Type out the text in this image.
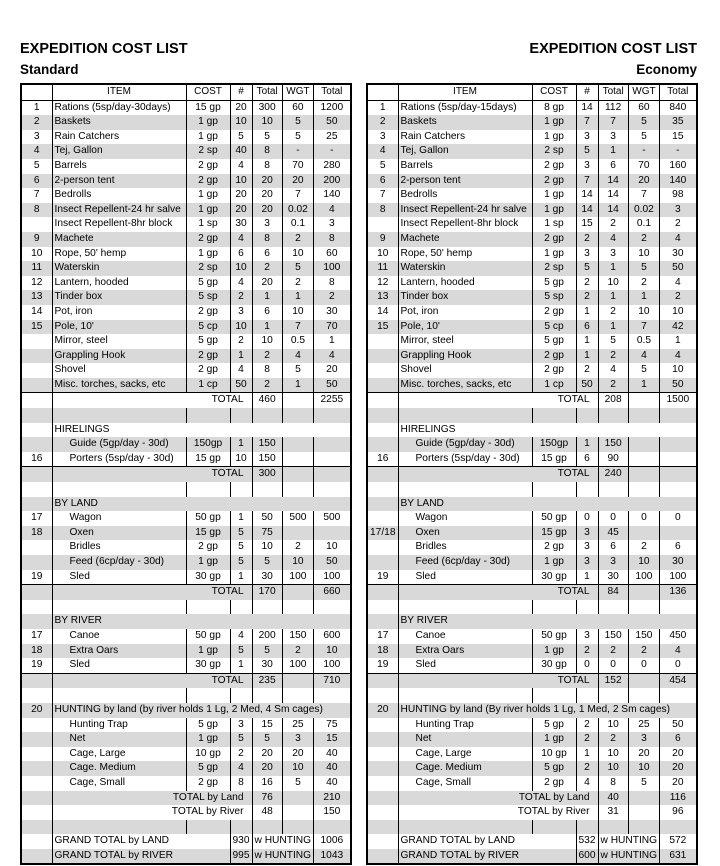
EXPEDITION COST LIST
Standard
EXPEDITION COST LIST
Economy
	ITEM	COST	#	Total	WGT	Total
1	Rations (5sp/day-30days)	15 gp	20	300	60	1200
2	Baskets	1 gp	10	10	5	50
3	Rain Catchers	1 gp	5	5	5	25
4	Tej, Gallon	2 sp	40	8	-	-
5	Barrels	2 gp	4	8	70	280
6	2-person tent	2 gp	10	20	20	200
7	Bedrolls	1 gp	20	20	7	140
8	Insect Repellent-24 hr salve	1 gp	20	20	0.02	4
	Insect Repellent-8hr block	1 sp	30	3	0.1	3
9	Machete	2 gp	4	8	2	8
10	Rope, 50' hemp	1 gp	6	6	10	60
11	Waterskin	2 sp	10	2	5	100
12	Lantern, hooded	5 gp	4	20	2	8
13	Tinder box	5 sp	2	1	1	2
14	Pot, iron	2 gp	3	6	10	30
15	Pole, 10'	5 cp	10	1	7	70
	Mirror, steel	5 gp	2	10	0.5	1
	Grappling Hook	2 gp	1	2	4	4
	Shovel	2 gp	4	8	5	20
	Misc. torches, sacks, etc	1 cp	50	2	1	50
	TOTAL			460		2255

	HIRELINGS					
	Guide (5gp/day - 30d)	150gp	1	150		
16	Porters (5sp/day - 30d)	15 gp	10	150		
	TOTAL			300		

	BY LAND					
17	Wagon	50 gp	1	50	500	500
18	Oxen	15 gp	5	75		
	Bridles	2 gp	5	10	2	10
	Feed (6cp/day - 30d)	1 gp	5	5	10	50
19	Sled	30 gp	1	30	100	100
	TOTAL			170		660

	BY RIVER					
17	Canoe	50 gp	4	200	150	600
18	Extra Oars	1 gp	5	5	2	10
19	Sled	30 gp	1	30	100	100
	TOTAL			235		710

20	HUNTING by land (by river holds 1 Lg, 2 Med, 4 Sm cages)					
	Hunting Trap	5 gp	3	15	25	75
	Net	1 gp	5	5	3	15
	Cage, Large	10 gp	2	20	20	40
	Cage. Medium	5 gp	4	20	10	40
	Cage, Small	2 gp	8	16	5	40
	TOTAL by Land			76		210
	TOTAL by River			48		150

	GRAND TOTAL by LAND		930	w HUNTING		1006
	GRAND TOTAL by RIVER		995	w HUNTING		1043
	ITEM	COST	#	Total	WGT	Total
1	Rations (5sp/day-15days)	8 gp	14	112	60	840
2	Baskets	1 gp	7	7	5	35
3	Rain Catchers	1 gp	3	3	5	15
4	Tej, Gallon	2 sp	5	1	-	-
5	Barrels	2 gp	3	6	70	160
6	2-person tent	2 gp	7	14	20	140
7	Bedrolls	1 gp	14	14	7	98
8	Insect Repellent-24 hr salve	1 gp	14	14	0.02	3
	Insect Repellent-8hr block	1 sp	15	2	0.1	2
9	Machete	2 gp	2	4	2	4
10	Rope, 50' hemp	1 gp	3	3	10	30
11	Waterskin	2 sp	5	1	5	50
12	Lantern, hooded	5 gp	2	10	2	4
13	Tinder box	5 sp	2	1	1	2
14	Pot, iron	2 gp	1	2	10	10
15	Pole, 10'	5 cp	6	1	7	42
	Mirror, steel	5 gp	1	5	0.5	1
	Grappling Hook	2 gp	1	2	4	4
	Shovel	2 gp	2	4	5	10
	Misc. torches, sacks, etc	1 cp	50	2	1	50
	TOTAL			208		1500

	HIRELINGS					
	Guide (5gp/day - 30d)	150gp	1	150		
16	Porters (5sp/day - 30d)	15 gp	6	90		
	TOTAL			240		

	BY LAND					
	Wagon	50 gp	0	0	0	0
17/18	Oxen	15 gp	3	45		
	Bridles	2 gp	3	6	2	6
	Feed (6cp/day - 30d)	1 gp	3	3	10	30
19	Sled	30 gp	1	30	100	100
	TOTAL			84		136

	BY RIVER					
17	Canoe	50 gp	3	150	150	450
18	Extra Oars	1 gp	2	2	2	4
19	Sled	30 gp	0	0	0	0
	TOTAL			152		454

20	HUNTING by land (By river holds 1 Lg, 1 Med, 2 Sm cages)					
	Hunting Trap	5 gp	2	10	25	50
	Net	1 gp	2	2	3	6
	Cage, Large	10 gp	1	10	20	20
	Cage. Medium	5 gp	2	10	10	20
	Cage, Small	2 gp	4	8	5	20
	TOTAL by Land			40		116
	TOTAL by River			31		96

	GRAND TOTAL by LAND		532	w HUNTING		572
	GRAND TOTAL by RIVER		600	w HUNTING		631
